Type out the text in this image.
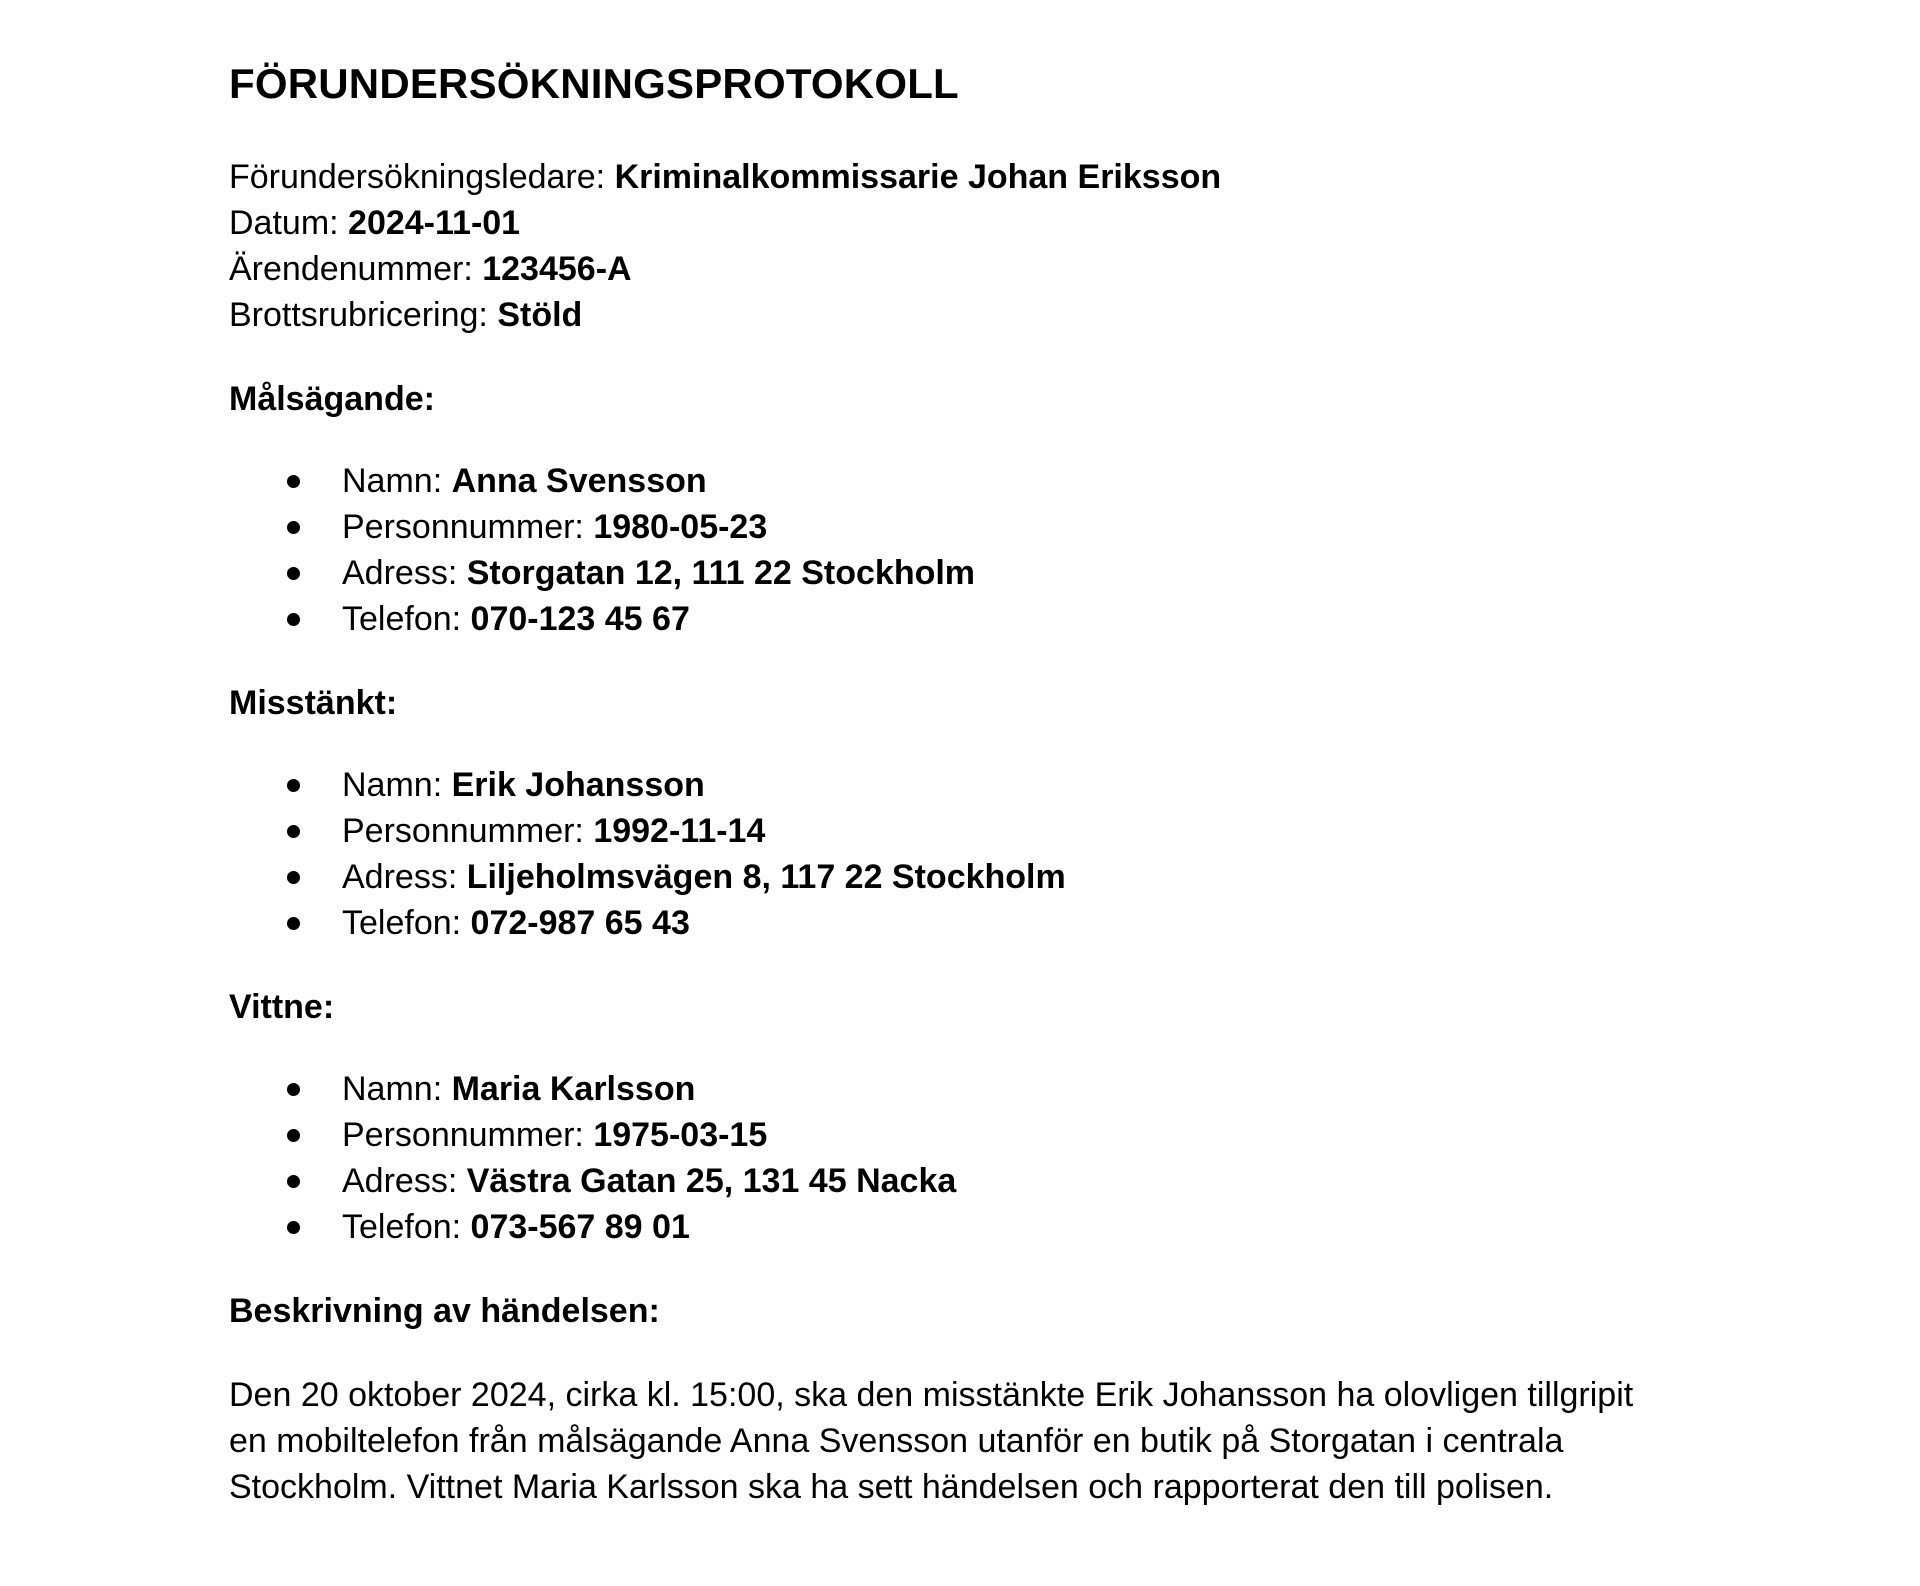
FÖRUNDERSÖKNINGSPROTOKOLL
Förundersökningsledare: Kriminalkommissarie Johan Eriksson
Datum: 2024-11-01
Ärendenummer: 123456-A
Brottsrubricering: Stöld
Målsägande:
Namn: Anna Svensson
Personnummer: 1980-05-23
Adress: Storgatan 12, 111 22 Stockholm
Telefon: 070-123 45 67
Misstänkt:
Namn: Erik Johansson
Personnummer: 1992-11-14
Adress: Liljeholmsvägen 8, 117 22 Stockholm
Telefon: 072-987 65 43
Vittne:
Namn: Maria Karlsson
Personnummer: 1975-03-15
Adress: Västra Gatan 25, 131 45 Nacka
Telefon: 073-567 89 01
Beskrivning av händelsen:
Den 20 oktober 2024, cirka kl. 15:00, ska den misstänkte Erik Johansson ha olovligen tillgripit
en mobiltelefon från målsägande Anna Svensson utanför en butik på Storgatan i centrala
Stockholm. Vittnet Maria Karlsson ska ha sett händelsen och rapporterat den till polisen.
